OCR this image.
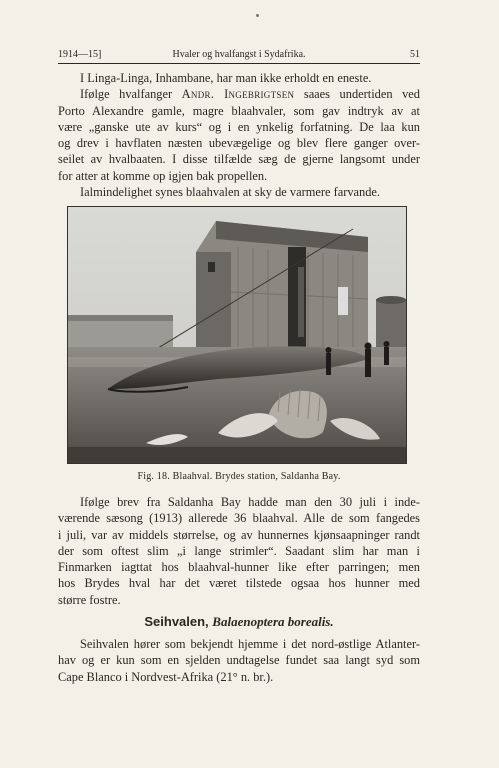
1914—15]	Hvaler og hvalfangst i Sydafrika.	51
I Linga-Linga, Inhambane, har man ikke erholdt en eneste.
Ifølge hvalfanger Andr. Ingebrigtsen saaes undertiden ved
Porto Alexandre gamle, magre blaahvaler, som gav indtryk av at
være „ganske ute av kurs“ og i en ynkelig forfatning. De laa kun
og drev i havflaten næsten ubevægelige og blev flere ganger over-
seilet av hvalbaaten. I disse tilfælde sæg de gjerne langsomt under
for atter at komme op igjen bak propellen.
Ialmindelighet synes blaahvalen at sky de varmere farvande.
Fig. 18. Blaahval. Brydes station, Saldanha Bay.
Ifølge brev fra Saldanha Bay hadde man den 30 juli i inde-
værende sæsong (1913) allerede 36 blaahval. Alle de som fangedes
i juli, var av middels størrelse, og av hunnernes kjønsaapninger randt
der som oftest slim „i lange strimler“. Saadant slim har man i
Finmarken iagttat hos blaahval-hunner like efter parringen; men
hos Brydes hval har det været tilstede ogsaa hos hunner med
større fostre.
Seihvalen, Balaenoptera borealis.
Seihvalen hører som bekjendt hjemme i det nord-østlige Atlanter-
hav og er kun som en sjelden undtagelse fundet saa langt syd som
Cape Blanco i Nordvest-Afrika (21° n. br.).
